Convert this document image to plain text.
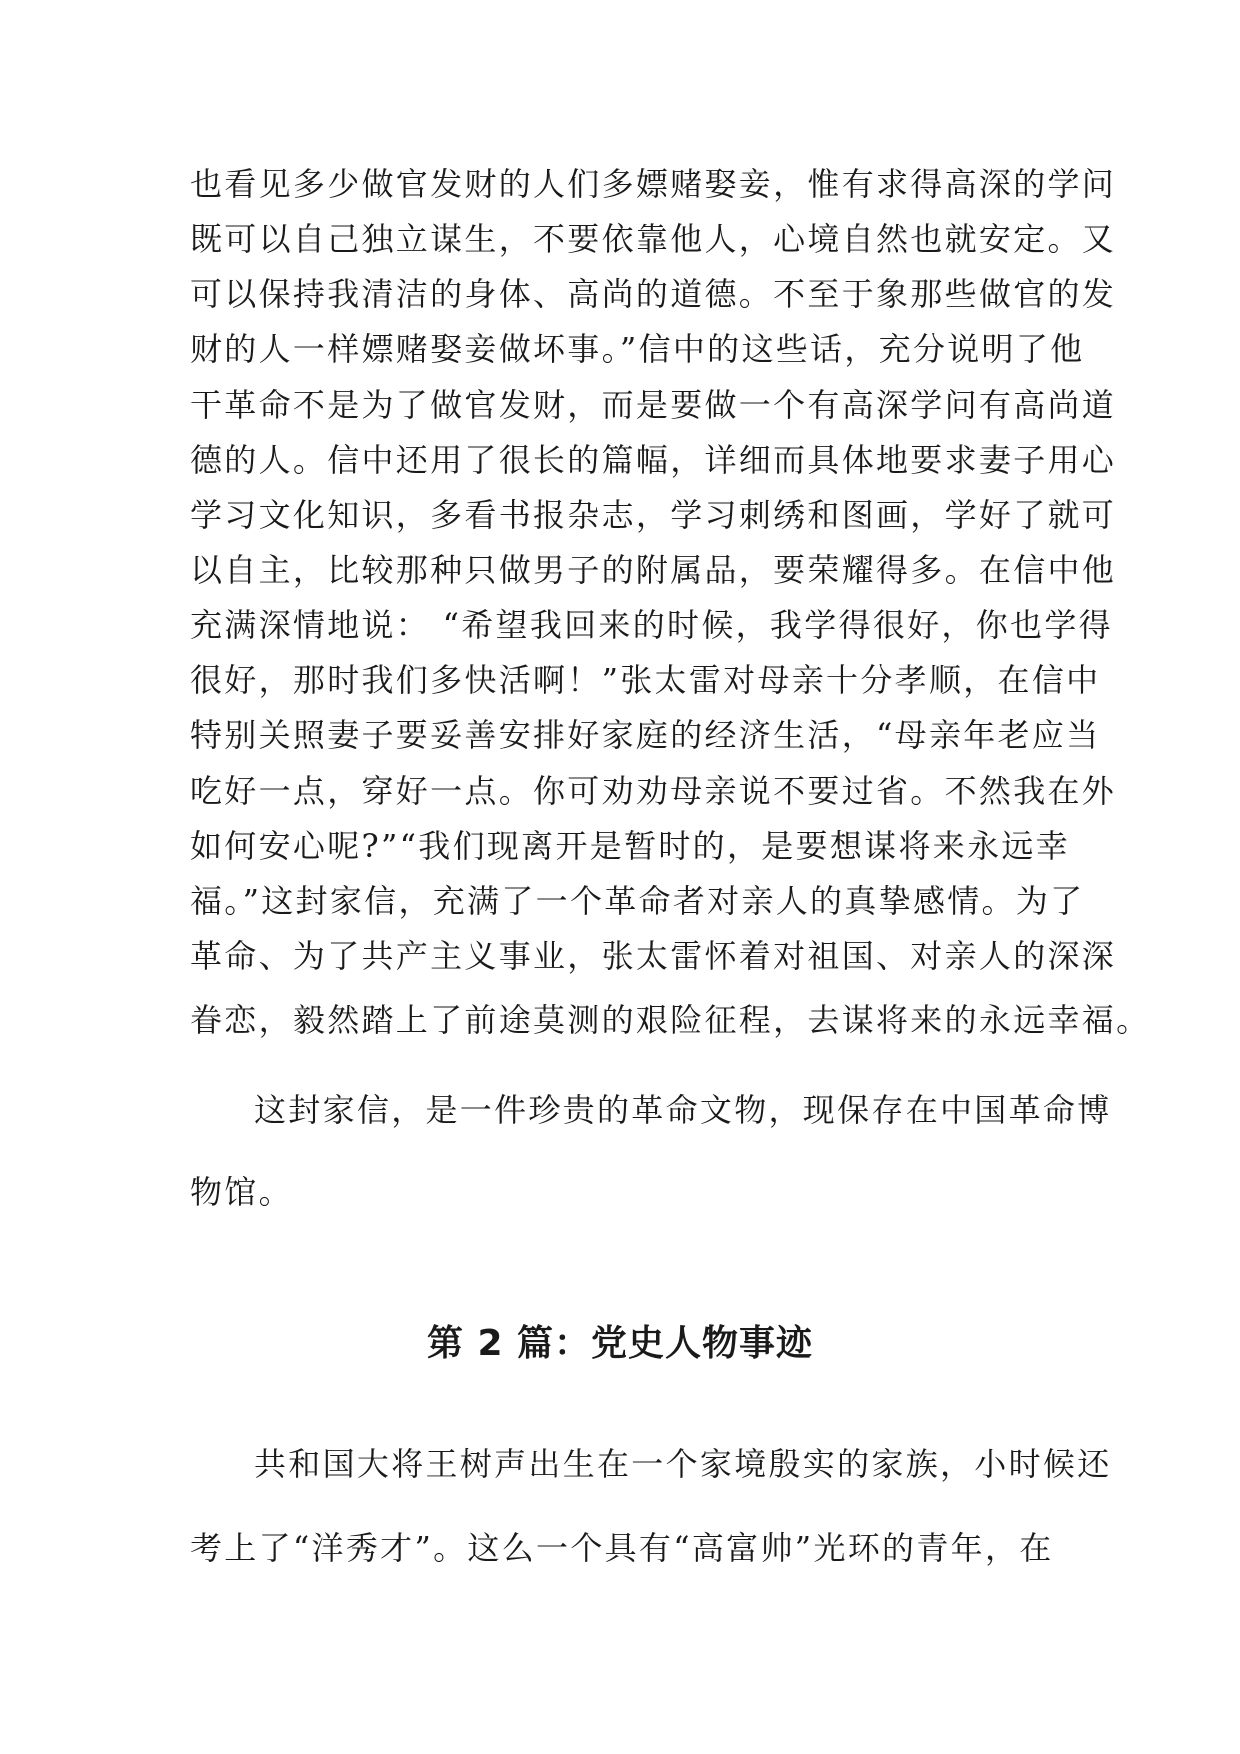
也看见多少做官发财的人们多嫖赌娶妾，惟有求得高深的学问
既可以自己独立谋生，不要依靠他人，心境自然也就安定。又
可以保持我清洁的身体、高尚的道德。不至于象那些做官的发
财的人一样嫖赌娶妾做坏事。”信中的这些话，充分说明了他
干革命不是为了做官发财，而是要做一个有高深学问有高尚道
德的人。信中还用了很长的篇幅，详细而具体地要求妻子用心
学习文化知识，多看书报杂志，学习刺绣和图画，学好了就可
以自主，比较那种只做男子的附属品，要荣耀得多。在信中他
充满深情地说： “希望我回来的时候，我学得很好，你也学得
很好，那时我们多快活啊！”张太雷对母亲十分孝顺，在信中
特别关照妻子要妥善安排好家庭的经济生活，“母亲年老应当
吃好一点，穿好一点。你可劝劝母亲说不要过省。不然我在外
如何安心呢?”“我们现离开是暂时的，是要想谋将来永远幸
福。”这封家信，充满了一个革命者对亲人的真挚感情。为了
革命、为了共产主义事业，张太雷怀着对祖国、对亲人的深深
眷恋，毅然踏上了前途莫测的艰险征程，去谋将来的永远幸福。
这封家信，是一件珍贵的革命文物，现保存在中国革命博
物馆。
第 2 篇：党史人物事迹
共和国大将王树声出生在一个家境殷实的家族，小时候还
考上了“洋秀才”。这么一个具有“高富帅”光环的青年，在
